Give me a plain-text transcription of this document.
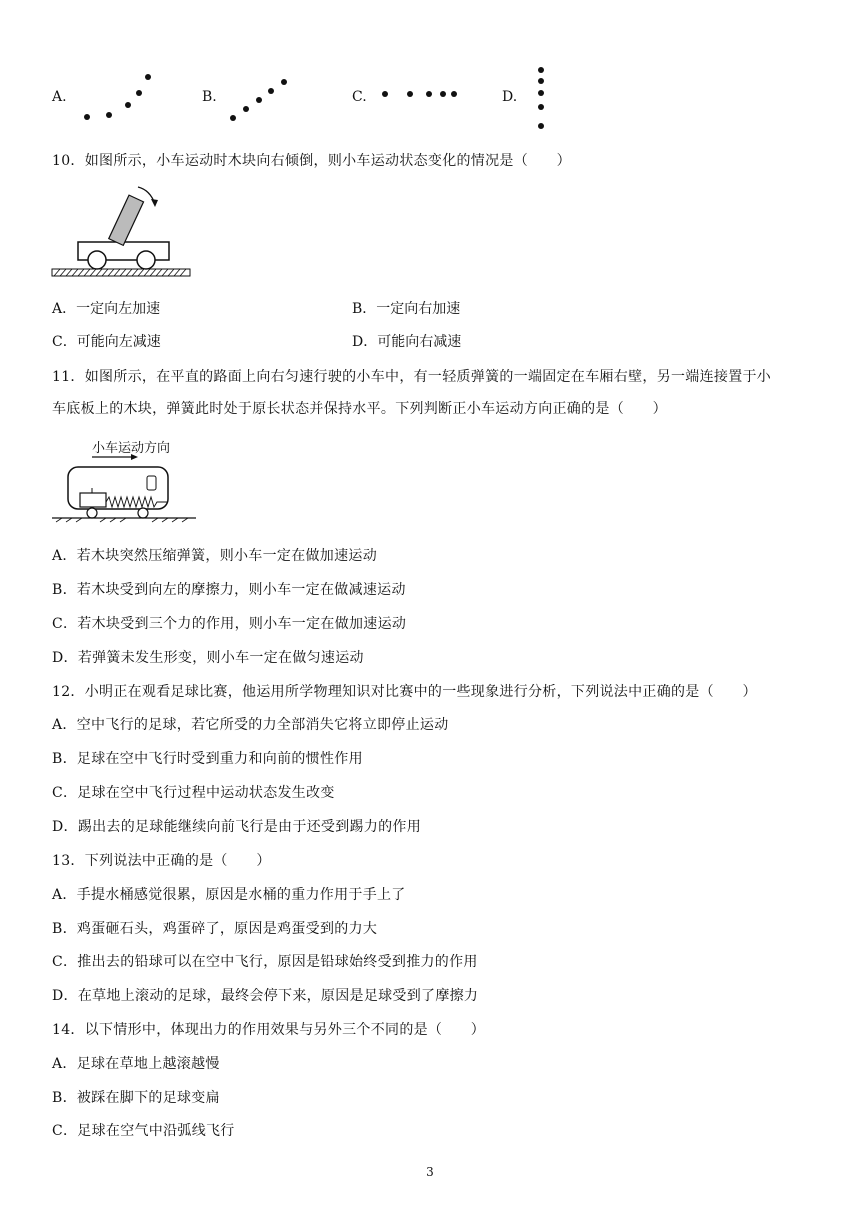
A.	B.	C.	D.
10．如图所示，小车运动时木块向右倾倒，则小车运动状态变化的情况是（　　）
A．一定向左加速	B．一定向右加速
C．可能向左减速	D．可能向右减速
11．如图所示，在平直的路面上向右匀速行驶的小车中，有一轻质弹簧的一端固定在车厢右壁，另一端连接置于小
车底板上的木块，弹簧此时处于原长状态并保持水平。下列判断正小车运动方向正确的是（　　）
小车运动方向
A．若木块突然压缩弹簧，则小车一定在做加速运动
B．若木块受到向左的摩擦力，则小车一定在做减速运动
C．若木块受到三个力的作用，则小车一定在做加速运动
D．若弹簧未发生形变，则小车一定在做匀速运动
12．小明正在观看足球比赛，他运用所学物理知识对比赛中的一些现象进行分析，下列说法中正确的是（　　）
A．空中飞行的足球，若它所受的力全部消失它将立即停止运动
B．足球在空中飞行时受到重力和向前的惯性作用
C．足球在空中飞行过程中运动状态发生改变
D．踢出去的足球能继续向前飞行是由于还受到踢力的作用
13．下列说法中正确的是（　　）
A．手提水桶感觉很累，原因是水桶的重力作用于手上了
B．鸡蛋砸石头，鸡蛋碎了，原因是鸡蛋受到的力大
C．推出去的铅球可以在空中飞行，原因是铅球始终受到推力的作用
D．在草地上滚动的足球，最终会停下来，原因是足球受到了摩擦力
14．以下情形中，体现出力的作用效果与另外三个不同的是（　　）
A．足球在草地上越滚越慢
B．被踩在脚下的足球变扁
C．足球在空气中沿弧线飞行
3
